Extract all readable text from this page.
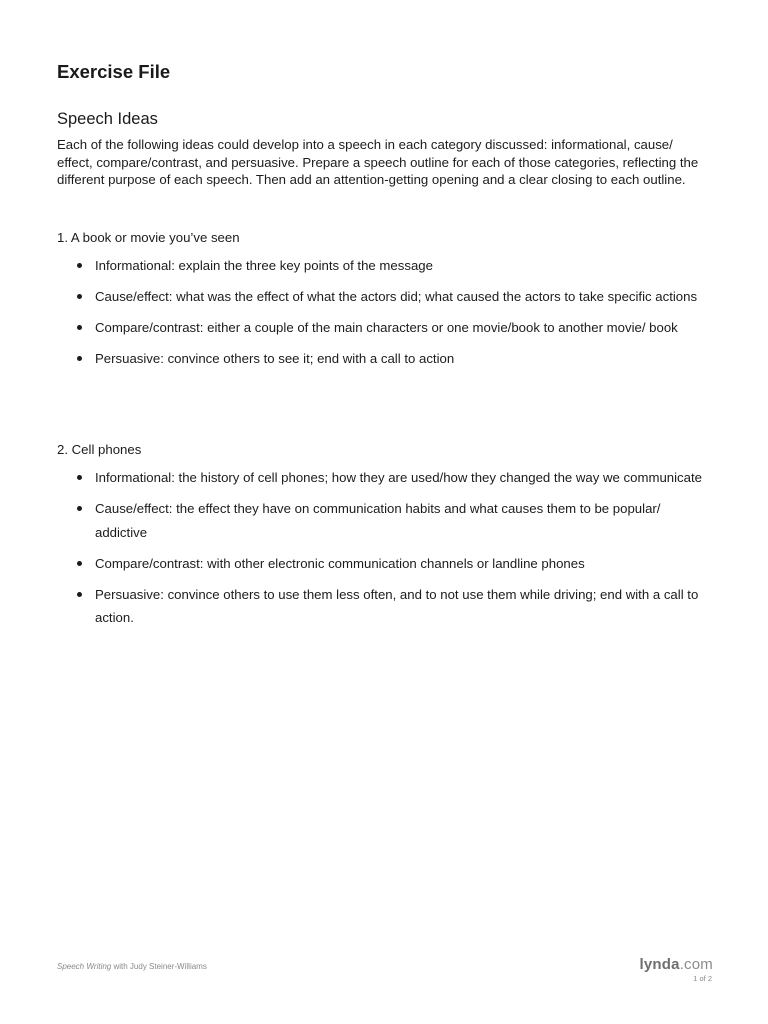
Exercise File
Speech Ideas

Each of the following ideas could develop into a speech in each category discussed: informational, cause/ effect, compare/contrast, and persuasive. Prepare a speech outline for each of those categories, reflecting the different purpose of each speech. Then add an attention-getting opening and a clear closing to each outline.

1. A book or movie you’ve seen

Informational: explain the three key points of the message
Cause/effect: what was the effect of what the actors did; what caused the actors to take specific actions
Compare/contrast: either a couple of the main characters or one movie/book to another movie/ book
Persuasive: convince others to see it; end with a call to action

2. Cell phones

Informational: the history of cell phones; how they are used/how they changed the way we communicate
Cause/effect: the effect they have on communication habits and what causes them to be popular/ addictive
Compare/contrast: with other electronic communication channels or landline phones
Persuasive: convince others to use them less often, and to not use them while driving; end with a call to action.
Speech Writing with Judy Steiner-Williams	lynda.com
1 of 2
